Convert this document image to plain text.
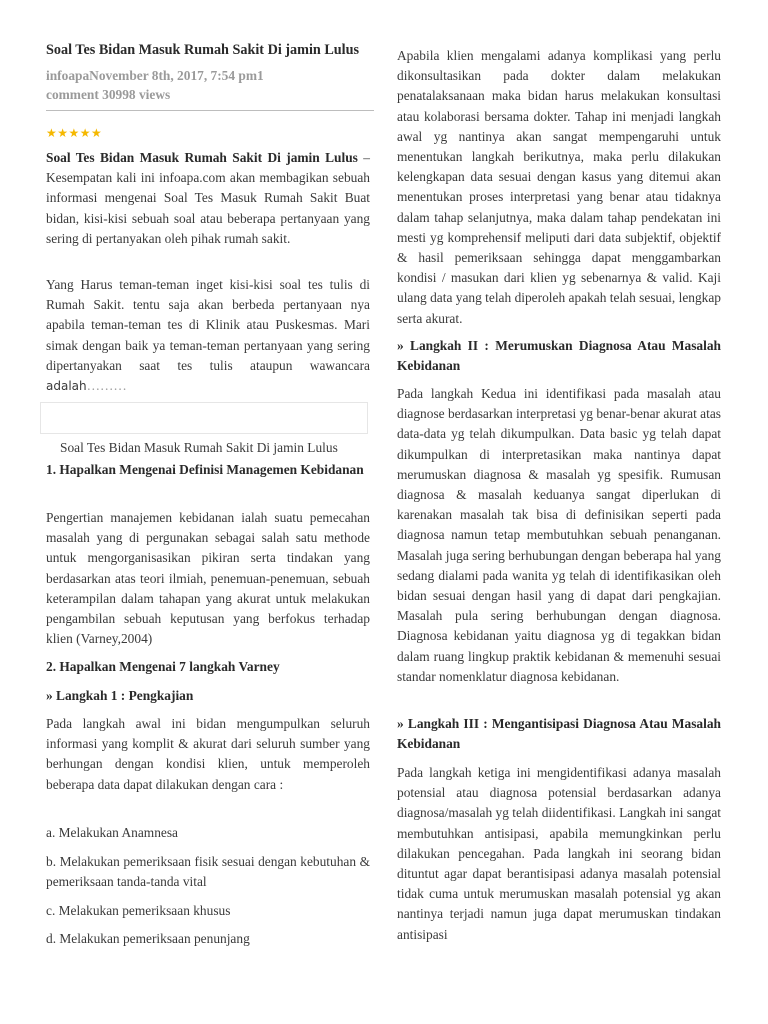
Soal Tes Bidan Masuk Rumah Sakit Di jamin Lulus
infoapaNovember 8th, 2017, 7:54 pm1
comment 30998 views
★★★★★

Soal Tes Bidan Masuk Rumah Sakit Di jamin Lulus – Kesempatan kali ini infoapa.com akan membagikan sebuah informasi mengenai Soal Tes Masuk Rumah Sakit Buat bidan, kisi-kisi sebuah soal atau beberapa pertanyaan yang sering di pertanyakan oleh pihak rumah sakit.

Yang Harus teman-teman inget kisi-kisi soal tes tulis di Rumah Sakit. tentu saja akan berbeda pertanyaan nya apabila teman-teman tes di Klinik atau Puskesmas. Mari simak dengan baik ya teman-teman pertanyaan yang sering dipertanyakan saat tes tulis ataupun wawancara adalah………

Soal Tes Bidan Masuk Rumah Sakit Di jamin Lulus

1. Hapalkan Mengenai Definisi Managemen Kebidanan

Pengertian manajemen kebidanan ialah suatu pemecahan masalah yang di pergunakan sebagai salah satu methode untuk mengorganisasikan pikiran serta tindakan yang berdasarkan atas teori ilmiah, penemuan-penemuan, sebuah keterampilan dalam tahapan yang akurat untuk melakukan pengambilan sebuah keputusan yang berfokus terhadap klien (Varney,2004)

2. Hapalkan Mengenai 7 langkah Varney

» Langkah 1 : Pengkajian

Pada langkah awal ini bidan mengumpulkan seluruh informasi yang komplit & akurat dari seluruh sumber yang berhungan dengan kondisi klien, untuk memperoleh beberapa data dapat dilakukan dengan cara :

a. Melakukan Anamnesa

b. Melakukan pemeriksaan fisik sesuai dengan kebutuhan & pemeriksaan tanda-tanda vital

c. Melakukan pemeriksaan khusus

d. Melakukan pemeriksaan penunjang

Apabila klien mengalami adanya komplikasi yang perlu dikonsultasikan pada dokter dalam melakukan penatalaksanaan maka bidan harus melakukan konsultasi atau kolaborasi bersama dokter. Tahap ini menjadi langkah awal yg nantinya akan sangat mempengaruhi untuk menentukan langkah berikutnya, maka perlu dilakukan kelengkapan data sesuai dengan kasus yang ditemui akan menentukan proses interpretasi yang benar atau tidaknya dalam tahap selanjutnya, maka dalam tahap pendekatan ini mesti yg komprehensif meliputi dari data subjektif, objektif & hasil pemeriksaan sehingga dapat menggambarkan kondisi / masukan dari klien yg sebenarnya & valid. Kaji ulang data yang telah diperoleh apakah telah sesuai, lengkap serta akurat.

» Langkah II : Merumuskan Diagnosa Atau Masalah Kebidanan

Pada langkah Kedua ini identifikasi pada masalah atau diagnose berdasarkan interpretasi yg benar-benar akurat atas data-data yg telah dikumpulkan. Data basic yg telah dapat dikumpulkan di interpretasikan maka nantinya dapat merumuskan diagnosa & masalah yg spesifik. Rumusan diagnosa & masalah keduanya sangat diperlukan di karenakan masalah tak bisa di definisikan seperti pada diagnosa namun tetap membutuhkan sebuah penanganan. Masalah juga sering berhubungan dengan beberapa hal yang sedang dialami pada wanita yg telah di identifikasikan oleh bidan sesuai dengan hasil yang di dapat dari pengkajian. Masalah pula sering berhubungan dengan diagnosa. Diagnosa kebidanan yaitu diagnosa yg di tegakkan bidan dalam ruang lingkup praktik kebidanan & memenuhi sesuai standar nomenklatur diagnosa kebidanan.

» Langkah III : Mengantisipasi Diagnosa Atau Masalah Kebidanan

Pada langkah ketiga ini mengidentifikasi adanya masalah potensial atau diagnosa potensial berdasarkan adanya diagnosa/masalah yg telah diidentifikasi. Langkah ini sangat membutuhkan antisipasi, apabila memungkinkan perlu dilakukan pencegahan. Pada langkah ini seorang bidan dituntut agar dapat berantisipasi adanya masalah potensial tidak cuma untuk merumuskan masalah potensial yg akan nantinya terjadi namun juga dapat merumuskan tindakan antisipasi
